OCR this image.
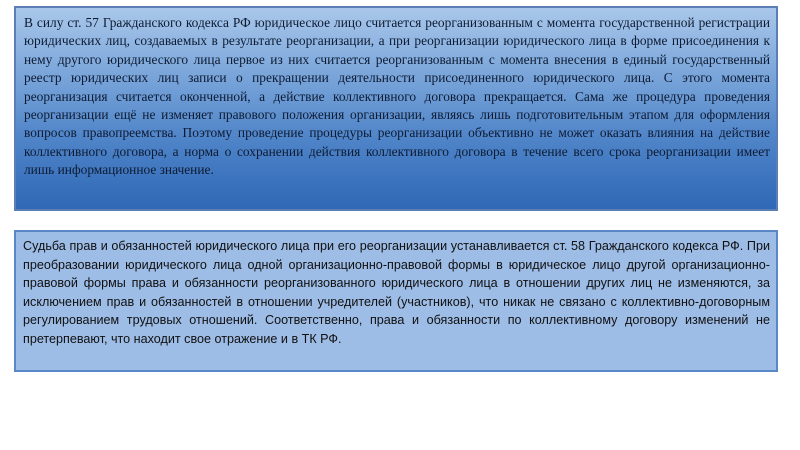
В силу ст. 57 Гражданского кодекса РФ юридическое лицо считается реорганизованным с момента государственной регистрации юридических лиц, создаваемых в результате реорганизации, а при реорганизации юридического лица в форме присоединения к нему другого юридического лица первое из них считается реорганизованным с момента внесения в единый государственный реестр юридических лиц записи о прекращении деятельности присоединенного юридического лица. С этого момента реорганизация считается оконченной, а действие коллективного договора прекращается. Сама же процедура проведения реорганизации ещё не изменяет правового положения организации, являясь лишь подготовительным этапом для оформления вопросов правопреемства. Поэтому проведение процедуры реорганизации объективно не может оказать влияния на действие коллективного договора, а норма о сохранении действия коллективного договора в течение всего срока реорганизации имеет лишь информационное значение.

Судьба прав и обязанностей юридического лица при его реорганизации устанавливается ст. 58 Гражданского кодекса РФ. При преобразовании юридического лица одной организационно-правовой формы в юридическое лицо другой организационно-правовой формы права и обязанности реорганизованного юридического лица в отношении других лиц не изменяются, за исключением прав и обязанностей в отношении учредителей (участников), что никак не связано с коллективно-договорным регулированием трудовых отношений. Соответственно, права и обязанности по коллективному договору изменений не претерпевают, что находит свое отражение и в ТК РФ.
